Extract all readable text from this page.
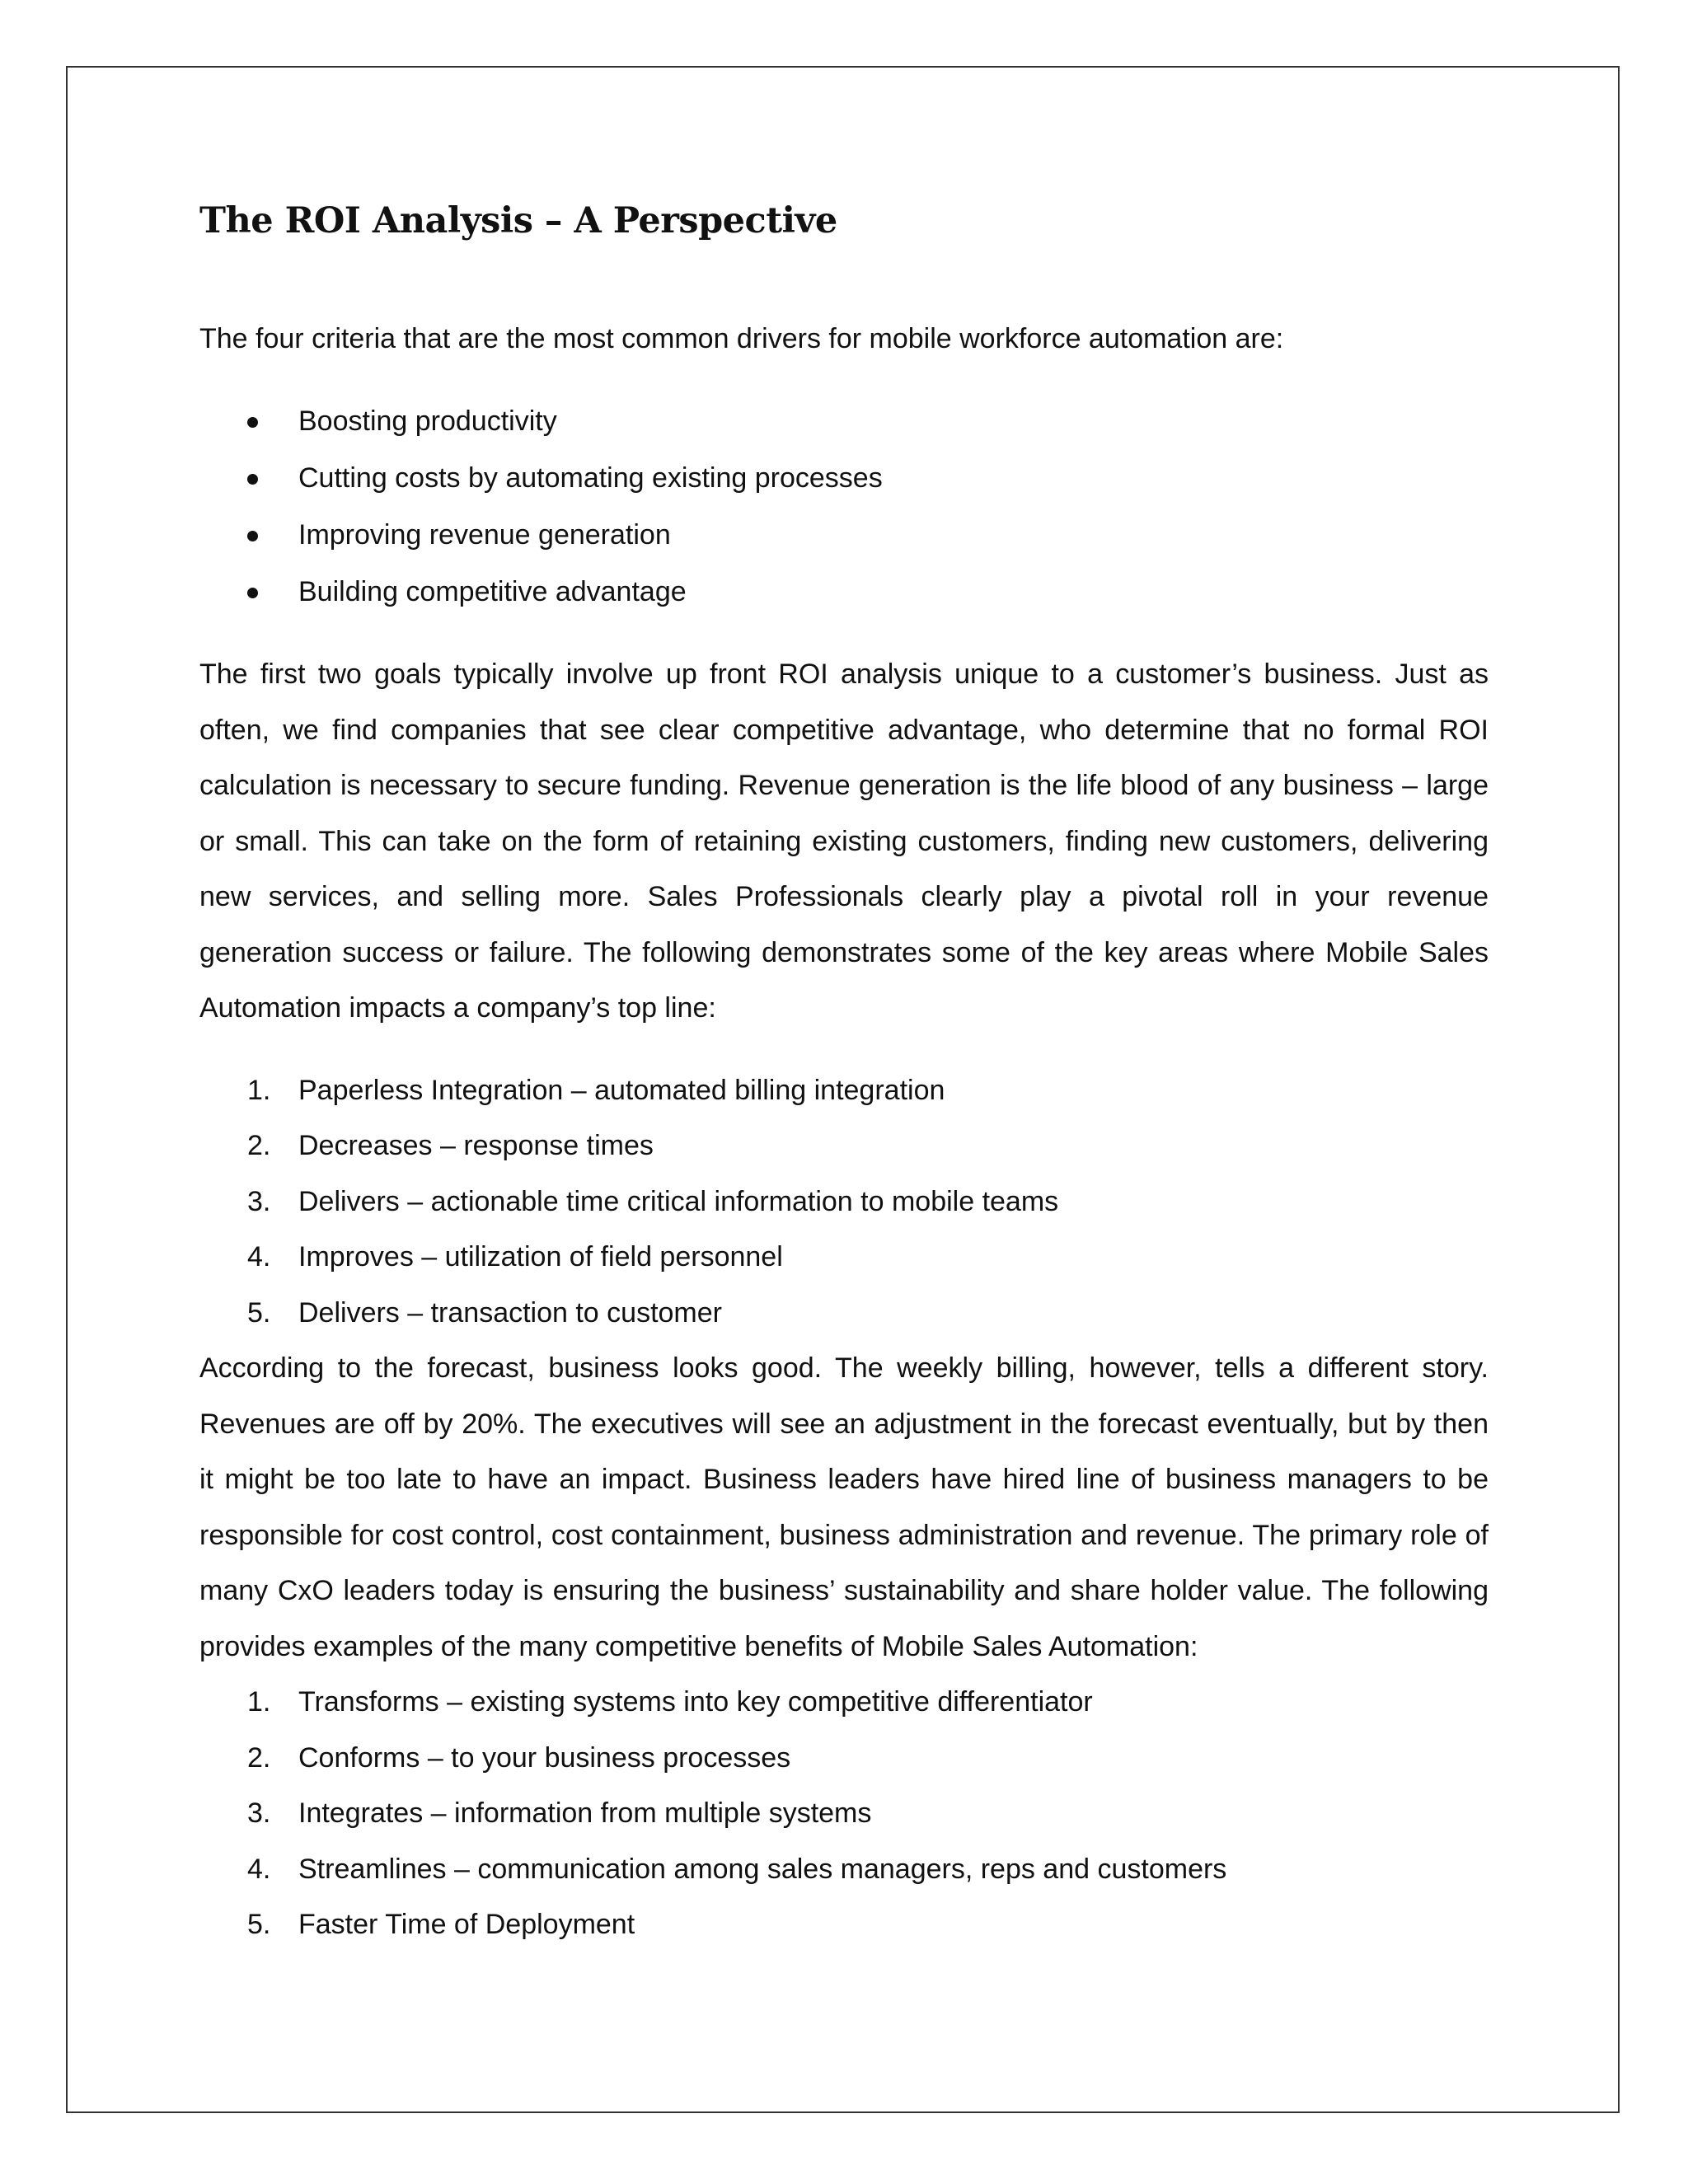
The ROI Analysis – A Perspective

The four criteria that are the most common drivers for mobile workforce automation are:

Boosting productivity
Cutting costs by automating existing processes
Improving revenue generation
Building competitive advantage

The first two goals typically involve up front ROI analysis unique to a customer’s business. Just as often, we find companies that see clear competitive advantage, who determine that no formal ROI calculation is necessary to secure funding. Revenue generation is the life blood of any business – large or small. This can take on the form of retaining existing customers, finding new customers, delivering new services, and selling more. Sales Professionals clearly play a pivotal roll in your revenue generation success or failure. The following demonstrates some of the key areas where Mobile Sales Automation impacts a company’s top line:

1. Paperless Integration – automated billing integration
2. Decreases – response times
3. Delivers – actionable time critical information to mobile teams
4. Improves – utilization of field personnel
5. Delivers – transaction to customer

According to the forecast, business looks good. The weekly billing, however, tells a different story. Revenues are off by 20%. The executives will see an adjustment in the forecast eventually, but by then it might be too late to have an impact. Business leaders have hired line of business managers to be responsible for cost control, cost containment, business administration and revenue. The primary role of many CxO leaders today is ensuring the business’ sustainability and share holder value. The following provides examples of the many competitive benefits of Mobile Sales Automation:

1. Transforms – existing systems into key competitive differentiator
2. Conforms – to your business processes
3. Integrates – information from multiple systems
4. Streamlines – communication among sales managers, reps and customers
5. Faster Time of Deployment
